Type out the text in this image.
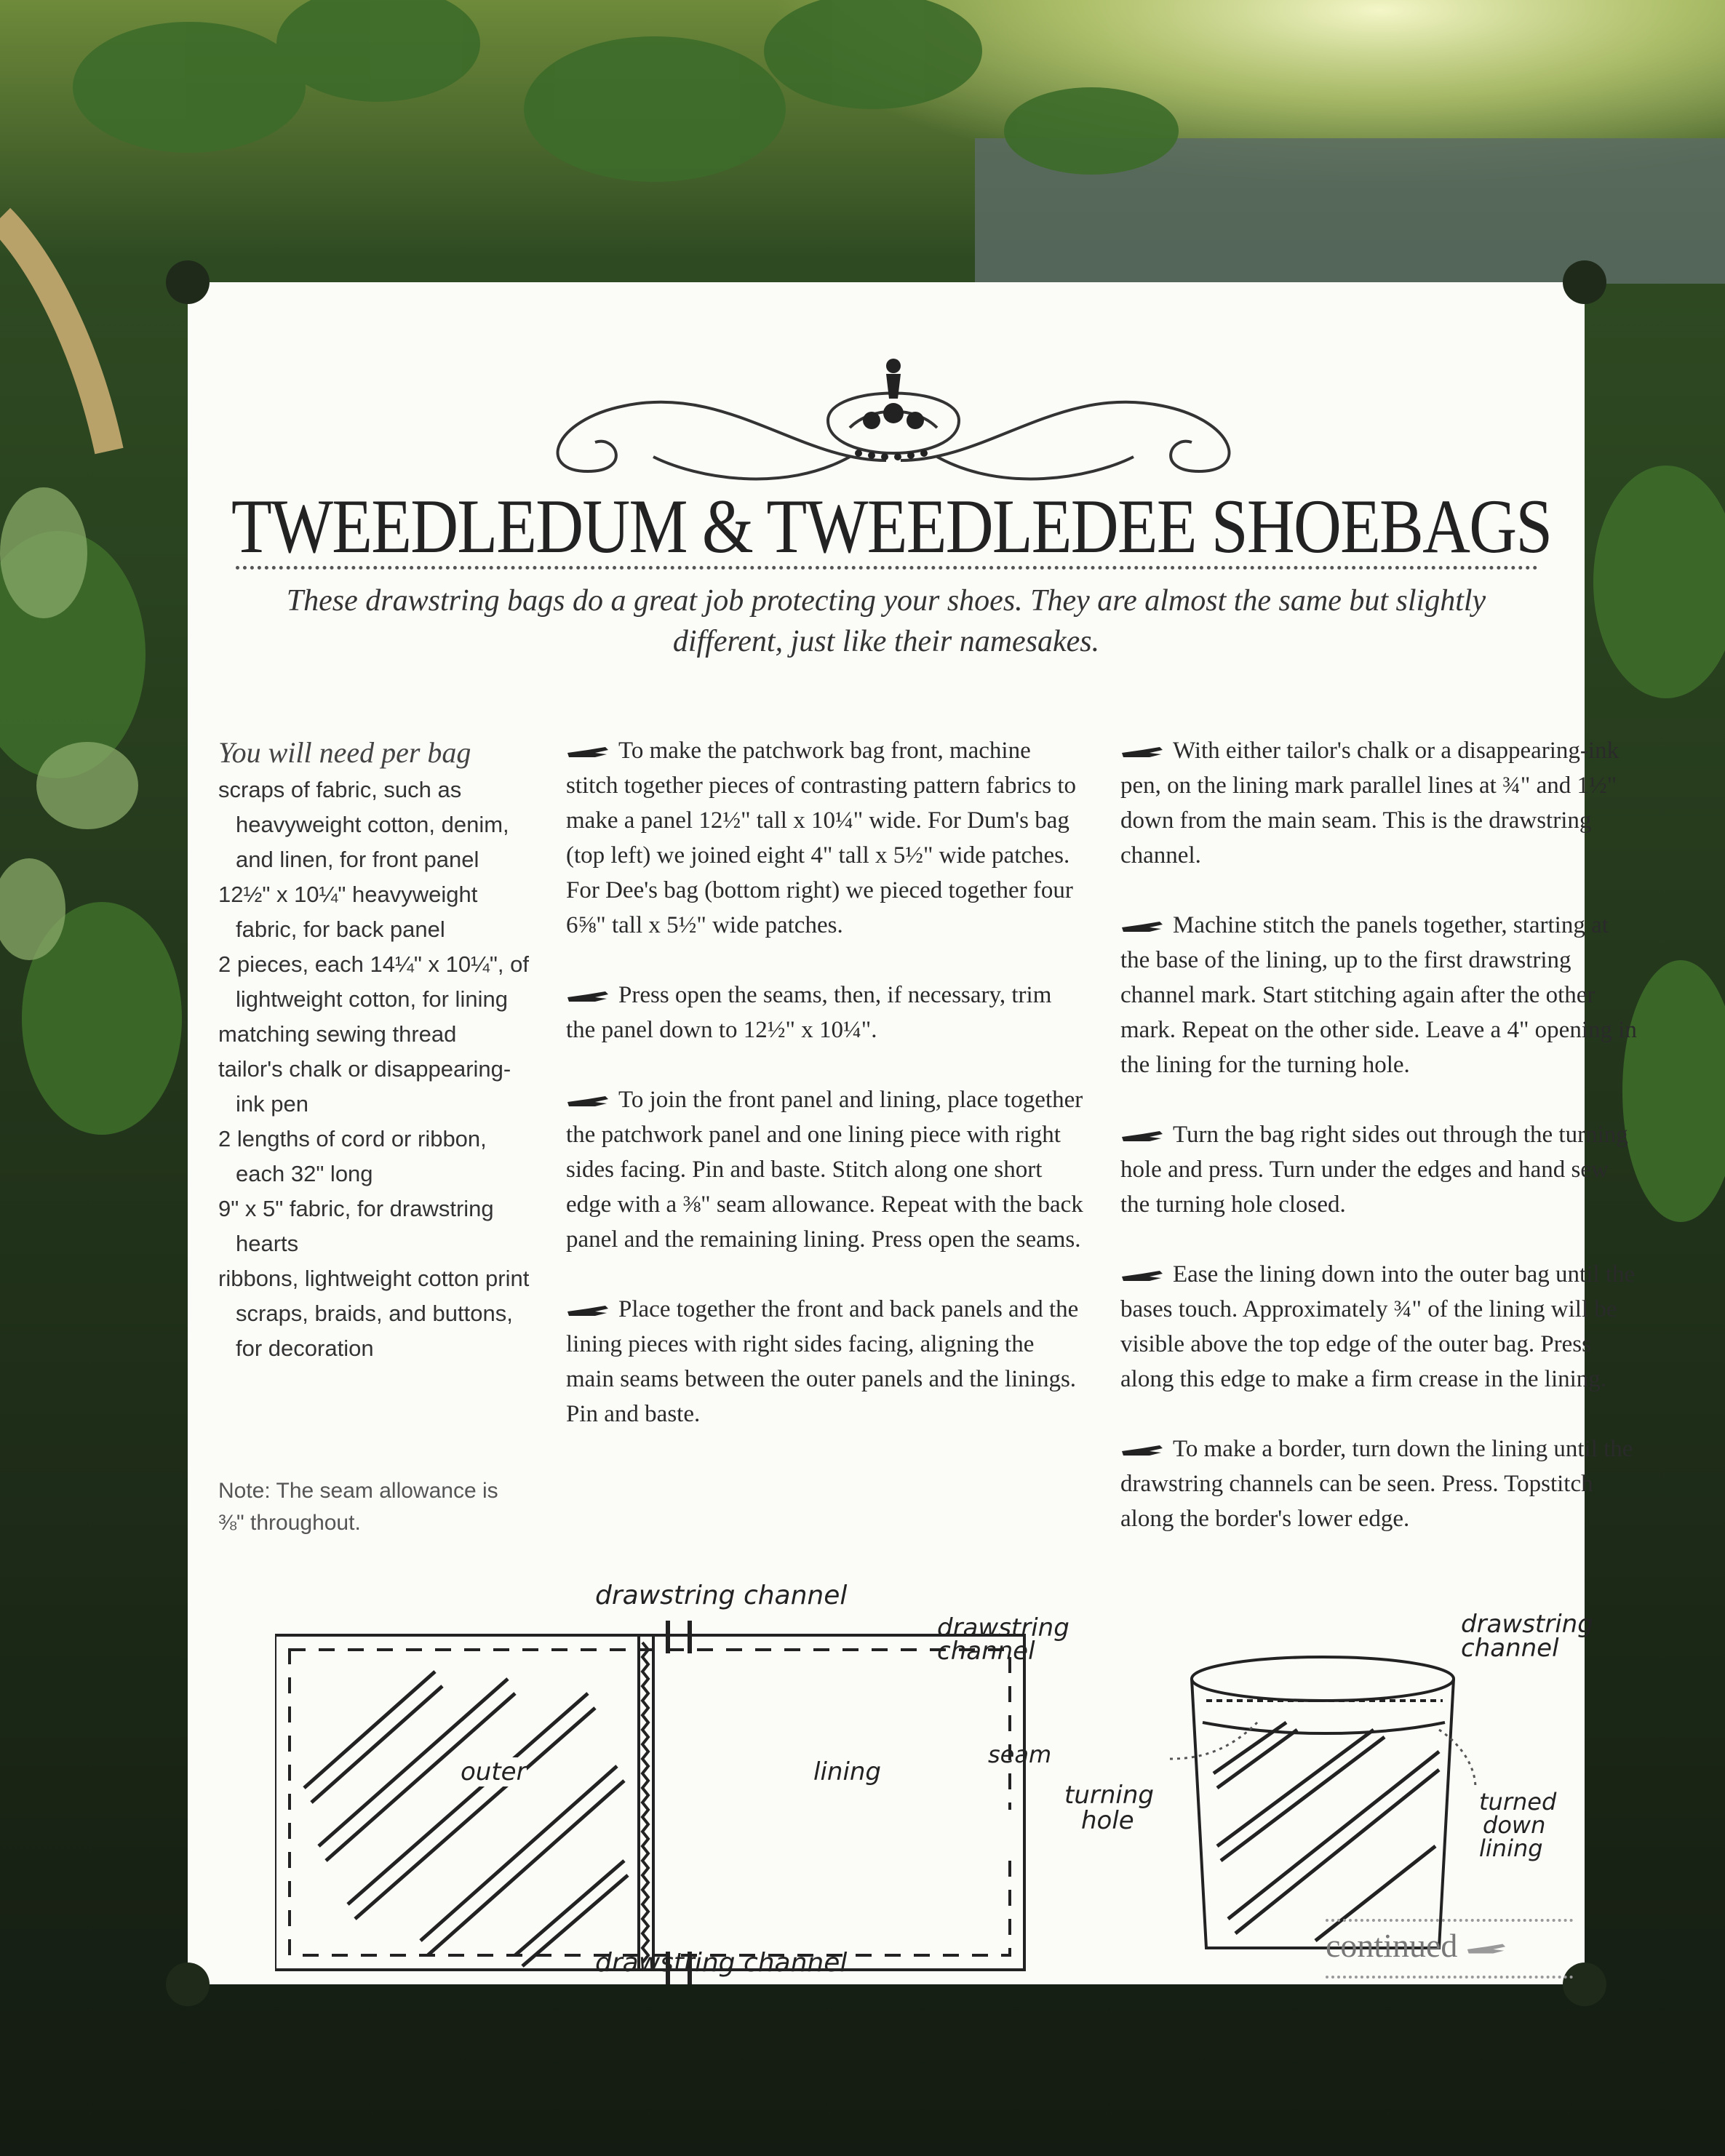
TWEEDLEDUM & TWEEDLEDEE SHOEBAGS

These drawstring bags do a great job protecting your shoes. They are almost the same but slightly different, just like their namesakes.

You will need per bag
scraps of fabric, such as heavyweight cotton, denim, and linen, for front panel
12½" x 10¼" heavyweight fabric, for back panel
2 pieces, each 14¼" x 10¼", of lightweight cotton, for lining
matching sewing thread
tailor's chalk or disappearing-ink pen
2 lengths of cord or ribbon, each 32" long
9" x 5" fabric, for drawstring hearts
ribbons, lightweight cotton print scraps, braids, and buttons, for decoration
Note: The seam allowance is ⅜" throughout.

To make the patchwork bag front, machine stitch together pieces of contrasting pattern fabrics to make a panel 12½" tall x 10¼" wide. For Dum's bag (top left) we joined eight 4" tall x 5½" wide patches. For Dee's bag (bottom right) we pieced together four 6⅝" tall x 5½" wide patches.

Press open the seams, then, if necessary, trim the panel down to 12½" x 10¼".

To join the front panel and lining, place together the patchwork panel and one lining piece with right sides facing. Pin and baste. Stitch along one short edge with a ⅜" seam allowance. Repeat with the back panel and the remaining lining. Press open the seams.

Place together the front and back panels and the lining pieces with right sides facing, aligning the main seams between the outer panels and the linings. Pin and baste.

With either tailor's chalk or a disappearing-ink pen, on the lining mark parallel lines at ¾" and 1½" down from the main seam. This is the drawstring channel.

Machine stitch the panels together, starting at the base of the lining, up to the first drawstring channel mark. Start stitching again after the other mark. Repeat on the other side. Leave a 4" opening in the lining for the turning hole.

Turn the bag right sides out through the turning hole and press. Turn under the edges and hand sew the turning hole closed.

Ease the lining down into the outer bag until the bases touch. Approximately ¾" of the lining will be visible above the top edge of the outer bag. Press along this edge to make a firm crease in the lining.

To make a border, turn down the lining until the drawstring channels can be seen. Press. Topstitch along the border's lower edge.

drawstring channel
drawstring channel
outer	lining
turning
hole
drawstring
channel
drawstring
channel
seam
turned
down
lining
continued
